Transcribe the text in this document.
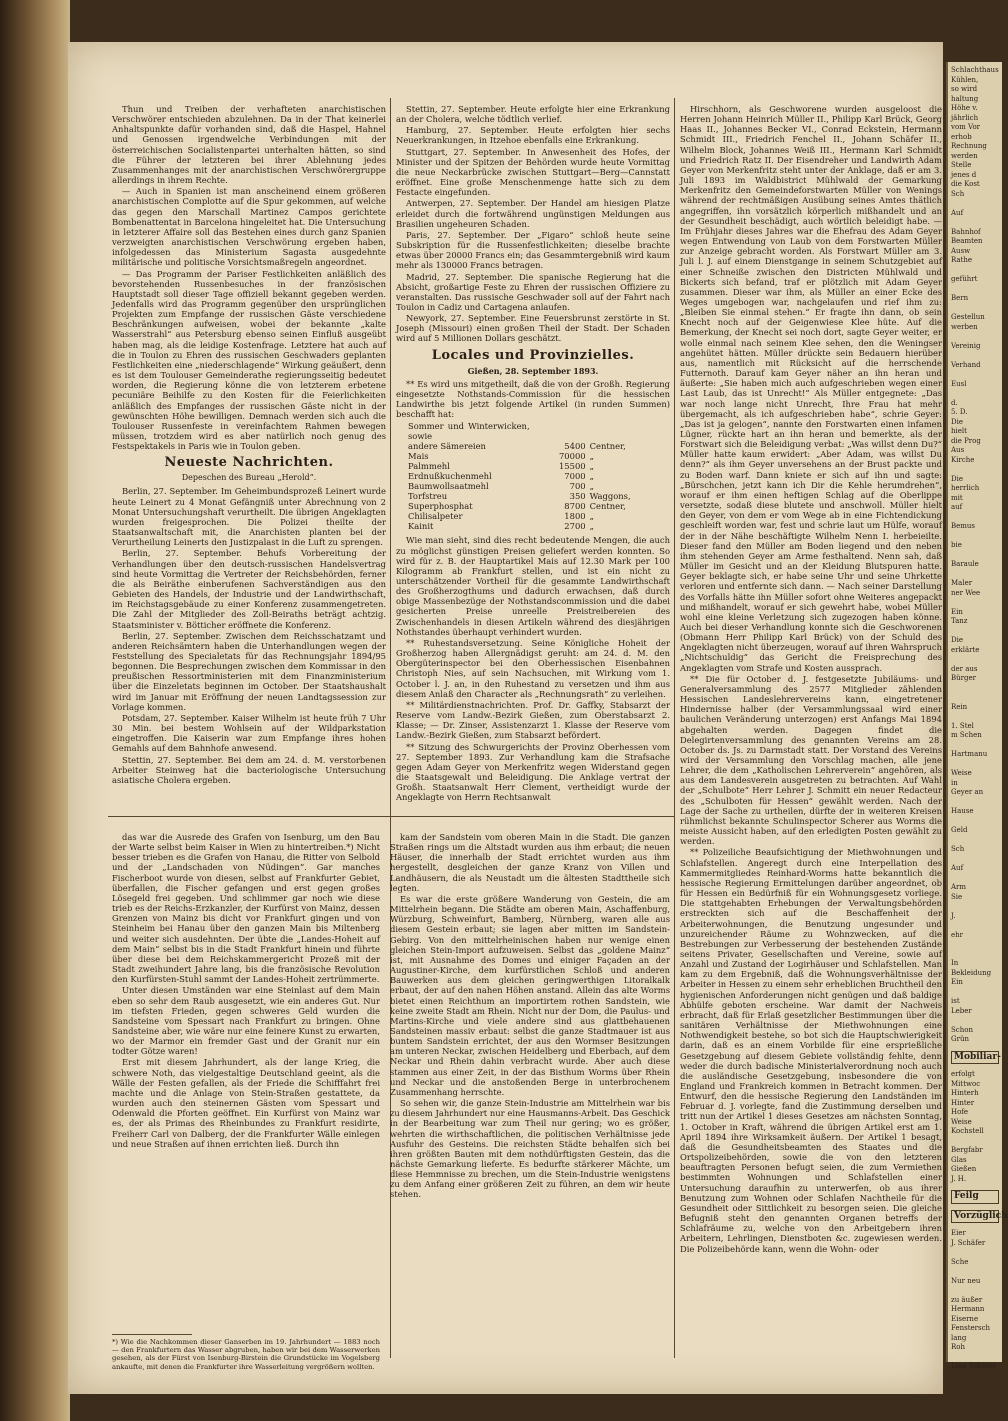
Thun und Treiben der verhafteten anarchistischen Verschwörer entschieden abzulehnen. Da in der That keinerlei Anhaltspunkte dafür vorhanden sind, daß die Haspel, Hahnel und Genossen irgendwelche Verbindungen mit der österreichischen Socialistenpartei unterhalten hätten, so sind die Führer der letzteren bei ihrer Ablehnung jedes Zusammenhanges mit der anarchistischen Verschwörergruppe allerdings in ihrem Rechte.

— Auch in Spanien ist man anscheinend einem größeren anarchistischen Complotte auf die Spur gekommen, auf welche das gegen den Marschall Martinez Campos gerichtete Bombenattentat in Barcelona hingeleitet hat. Die Untersuchung in letzterer Affaire soll das Bestehen eines durch ganz Spanien verzweigten anarchistischen Verschwörung ergeben haben, infolgedessen das Ministerium Sagasta ausgedehnte militärische und politische Vorsichtsmaßregeln angeordnet.

— Das Programm der Pariser Festlichkeiten anläßlich des bevorstehenden Russenbesuches in der französischen Hauptstadt soll dieser Tage offiziell bekannt gegeben werden. Jedenfalls wird das Programm gegenüber den ursprünglichen Projekten zum Empfange der russischen Gäste verschiedene Beschränkungen aufweisen, wobei der bekannte „kalte Wasserstrahl“ aus Petersburg ebenso seinen Einfluß ausgeübt haben mag, als die leidige Kostenfrage. Letztere hat auch auf die in Toulon zu Ehren des russischen Geschwaders geplanten Festlichkeiten eine „niederschlagende“ Wirkung geäußert, denn es ist dem Toulouser Gemeinderathe regierungsseitig bedeutet worden, die Regierung könne die von letzterem erbetene pecuniäre Beihilfe zu den Kosten für die Feierlichkeiten anläßlich des Empfanges der russischen Gäste nicht in der gewünschten Höhe bewilligen. Demnach werden sich auch die Toulouser Russenfeste in vereinfachtem Rahmen bewegen müssen, trotzdem wird es aber natürlich noch genug des Festspektakels in Paris wie in Toulon geben.

Neueste Nachrichten.
Depeschen des Bureau „Herold“.

Berlin, 27. September. Im Geheimbundsprozeß Leinert wurde heute Leinert zu 4 Monat Gefängniß unter Abrechnung von 2 Monat Untersuchungshaft verurtheilt. Die übrigen Angeklagten wurden freigesprochen. Die Polizei theilte der Staatsanwaltschaft mit, die Anarchisten planten bei der Verurtheilung Leinerts den Justizpalast in die Luft zu sprengen.

Berlin, 27. September. Behufs Vorbereitung der Verhandlungen über den deutsch-russischen Handelsvertrag sind heute Vormittag die Vertreter der Reichsbehörden, ferner die als Beiräthe einberufenen Sachverständigen aus den Gebieten des Handels, der Industrie und der Landwirthschaft, im Reichstagsgebäude zu einer Konferenz zusammengetreten. Die Zahl der Mitglieder des Zoll-Beiraths beträgt achtzig. Staatsminister v. Bötticher eröffnete die Konferenz.

Berlin, 27. September. Zwischen dem Reichsschatzamt und anderen Reichsämtern haben die Unterhandlungen wegen der Feststellung des Specialetats für das Rechnungsjahr 1894/95 begonnen. Die Besprechungen zwischen dem Kommissar in den preußischen Ressortministerien mit dem Finanzministerium über die Einzeletats beginnen im October. Der Staatshaushalt wird im Januar mit Eröffnung der neuen Landtagssession zur Vorlage kommen.

Potsdam, 27. September. Kaiser Wilhelm ist heute früh 7 Uhr 30 Min. bei bestem Wohlsein auf der Wildparkstation eingetroffen. Die Kaiserin war zum Empfange ihres hohen Gemahls auf dem Bahnhofe anwesend.

Stettin, 27. September. Bei dem am 24. d. M. verstorbenen Arbeiter Steinweg hat die bacteriologische Untersuchung asiatische Cholera ergeben.

Stettin, 27. September. Heute erfolgte hier eine Erkrankung an der Cholera, welche tödtlich verlief.

Hamburg, 27. September. Heute erfolgten hier sechs Neuerkrankungen, in Itzehoe ebenfalls eine Erkrankung.

Stuttgart, 27. September. In Anwesenheit des Hofes, der Minister und der Spitzen der Behörden wurde heute Vormittag die neue Neckarbrücke zwischen Stuttgart—Berg—Cannstatt eröffnet. Eine große Menschenmenge hatte sich zu dem Festacte eingefunden.

Antwerpen, 27. September. Der Handel am hiesigen Platze erleidet durch die fortwährend ungünstigen Meldungen aus Brasilien ungeheuren Schaden.

Paris, 27. September. Der „Figaro“ schloß heute seine Subskription für die Russenfestlichkeiten; dieselbe brachte etwas über 20000 Francs ein; das Gesammtergebniß wird kaum mehr als 130000 Francs betragen.

Madrid, 27. September. Die spanische Regierung hat die Absicht, großartige Feste zu Ehren der russischen Offiziere zu veranstalten. Das russische Geschwader soll auf der Fahrt nach Toulon in Cadiz und Cartagena anlaufen.

Newyork, 27. September. Eine Feuersbrunst zerstörte in St. Joseph (Missouri) einen großen Theil der Stadt. Der Schaden wird auf 5 Millionen Dollars geschätzt.

Locales und Provinzielles.
Gießen, 28. September 1893.

** Es wird uns mitgetheilt, daß die von der Großh. Regierung eingesetzte Nothstands-Commission für die hessischen Landwirthe bis jetzt folgende Artikel (in runden Summen) beschafft hat:

Sommer und Winterwicken, sowie		
andere Sämereien	5400	Centner,
Mais	70000	„
Palmmehl	15500	„
Erdnußkuchenmehl	7000	„
Baumwollsaatmehl	700	„
Torfstreu	350	Waggons,
Superphosphat	8700	Centner,
Chilisalpeter	1800	„
Kainit	2700	„

Wie man sieht, sind dies recht bedeutende Mengen, die auch zu möglichst günstigen Preisen geliefert werden konnten. So wird für z. B. der Hauptartikel Mais auf 12.30 Mark per 100 Kilogramm ab Frankfurt stellen, und ist ein nicht zu unterschätzender Vortheil für die gesammte Landwirthschaft des Großherzogthums und dadurch erwachsen, daß durch obige Massenbezüge der Nothstandscommission und die dabei gesicherten Preise unreelle Preistreibereien des Zwischenhandels in diesen Artikeln während des diesjährigen Nothstandes überhaupt verhindert wurden.

** Ruhestandsversetzung. Seine Königliche Hoheit der Großherzog haben Allergnädigst geruht: am 24. d. M. den Obergüterinspector bei den Oberhessischen Eisenbahnen Christoph Nies, auf sein Nachsuchen, mit Wirkung vom 1. October l. J. an, in den Ruhestand zu versetzen und ihm aus diesem Anlaß den Character als „Rechnungsrath“ zu verleihen.

** Militärdienstnachrichten. Prof. Dr. Gaffky, Stabsarzt der Reserve vom Landw.-Bezirk Gießen, zum Oberstabsarzt 2. Klasse; — Dr. Zinser, Assistenzarzt 1. Klasse der Reserve vom Landw.-Bezirk Gießen, zum Stabsarzt befördert.

** Sitzung des Schwurgerichts der Provinz Oberhessen vom 27. September 1893. Zur Verhandlung kam die Strafsache gegen Adam Geyer von Merkenfritz wegen Widerstand gegen die Staatsgewalt und Beleidigung. Die Anklage vertrat der Großh. Staatsanwalt Herr Clement, vertheidigt wurde der Angeklagte von Herrn Rechtsanwalt

Hirschhorn, als Geschworene wurden ausgeloost die Herren Johann Heinrich Müller II., Philipp Karl Brück, Georg Haas II., Johannes Becker VI., Conrad Eckstein, Hermann Schmidt III., Friedrich Fenchel II., Johann Schäfer II., Wilhelm Block, Johannes Weiß III., Hermann Karl Schmidt und Friedrich Ratz II. Der Eisendreher und Landwirth Adam Geyer von Merkenfritz steht unter der Anklage, daß er am 3. Juli 1893 im Waldbistrict Mühlwald der Gemarkung Merkenfritz den Gemeindeforstwarten Müller von Wenings während der rechtmäßigen Ausübung seines Amtes thätlich angegriffen, ihn vorsätzlich körperlich mißhandelt und an der Gesundheit beschädigt, auch wörtlich beleidigt habe. — Im Frühjahr dieses Jahres war die Ehefrau des Adam Geyer wegen Entwendung von Laub von dem Forstwarten Müller zur Anzeige gebracht worden. Als Forstwart Müller am 3. Juli l. J. auf einem Dienstgange in seinem Schutzgebiet auf einer Schneiße zwischen den Districten Mühlwald und Bickerts sich befand, traf er plötzlich mit Adam Geyer zusammen. Dieser war ihm, als Müller an einer Ecke des Weges umgebogen war, nachgelaufen und rief ihm zu: „Bleiben Sie einmal stehen.“ Er fragte ihn dann, ob sein Knecht noch auf der Geigenwiese Klee hüte. Auf die Bemerkung, der Knecht sei noch dort, sagte Geyer weiter, er wolle einmal nach seinem Klee sehen, den die Weningser angehütet hätten. Müller drückte sein Bedauern hierüber aus, namentlich mit Rücksicht auf die herrschende Futternoth. Darauf kam Geyer näher an ihn heran und äußerte: „Sie haben mich auch aufgeschrieben wegen einer Last Laub, das ist Unrecht!“ Als Müller entgegnete: „Das war noch lange nicht Unrecht, Ihre Frau hat mehr übergemacht, als ich aufgeschrieben habe“, schrie Geyer: „Das ist ja gelogen“, nannte den Forstwarten einen infamen Lügner, rückte hart an ihn heran und bemerkte, als der Forstwart sich die Beleidigung verbat: „Was willst denn Du?“ Müller hatte kaum erwidert: „Aber Adam, was willst Du denn?“ als ihm Geyer unversehens an der Brust packte und zu Boden warf. Dann kniete er sich auf ihn und sagte: „Bürschchen, jetzt kann ich Dir die Kehle herumdrehen“, worauf er ihm einen heftigen Schlag auf die Oberlippe versetzte, sodaß diese blutete und anschwoll. Müller hielt den Geyer, von dem er vom Wege ab in eine Fichtendickung geschleift worden war, fest und schrie laut um Hülfe, worauf der in der Nähe beschäftigte Wilhelm Nenn I. herbeieilte. Dieser fand den Müller am Boden liegend und den neben ihm stehenden Geyer am Arme festhaltend. Nenn sah, daß Müller im Gesicht und an der Kleidung Blutspuren hatte. Geyer beklagte sich, er habe seine Uhr und seine Uhrkette verloren und entfernte sich dann. — Nach seiner Darstellung des Vorfalls hätte ihn Müller sofort ohne Weiteres angepackt und mißhandelt, worauf er sich gewehrt habe, wobei Müller wohl eine kleine Verletzung sich zugezogen haben könne. Auch bei dieser Verhandlung konnte sich die Geschworenen (Obmann Herr Philipp Karl Brück) von der Schuld des Angeklagten nicht überzeugen, worauf auf ihren Wahrspruch „Nichtschuldig“ das Gericht die Freisprechung des Angeklagten vom Strafe und Kosten aussprach.

** Die für October d. J. festgesetzte Jubiläums- und Generalversammlung des 2577 Mitglieder zählenden Hessischen Landeslehrervereins kann, eingetretener Hindernisse halber (der Versammlungssaal wird einer baulichen Veränderung unterzogen) erst Anfangs Mai 1894 abgehalten werden. Dagegen findet die Delegirtenversammlung des genannten Vereins am 28. October ds. Js. zu Darmstadt statt. Der Vorstand des Vereins wird der Versammlung den Vorschlag machen, alle jene Lehrer, die dem „Katholischen Lehrerverein“ angehören, als aus dem Landesverein ausgetreten zu betrachten. Auf Wahl der „Schulbote“ Herr Lehrer J. Schmitt ein neuer Redacteur des „Schulboten für Hessen“ gewählt werden. Nach der Lage der Sache zu urtheilen, dürfte der in weiteren Kreisen rühmlichst bekannte Schulinspector Scherer aus Worms die meiste Aussicht haben, auf den erledigten Posten gewählt zu werden.

** Polizeiliche Beaufsichtigung der Miethwohnungen und Schlafstellen. Angeregt durch eine Interpellation des Kammermitgliedes Reinhard-Worms hatte bekanntlich die hessische Regierung Ermittelungen darüber angeordnet, ob für Hessen ein Bedürfniß für ein Wohnungsgesetz vorliege. Die stattgehabten Erhebungen der Verwaltungsbehörden erstreckten sich auf die Beschaffenheit der Arbeiterwohnungen, die Benutzung ungesunder und unzureichender Räume zu Wohnzwecken, auf die Bestrebungen zur Verbesserung der bestehenden Zustände seitens Privater, Gesellschaften und Vereine, sowie auf Anzahl und Zustand der Logirhäuser und Schlafstellen. Man kam zu dem Ergebniß, daß die Wohnungsverhältnisse der Arbeiter in Hessen zu einem sehr erheblichen Bruchtheil den hygienischen Anforderungen nicht genügen und daß baldige Abhülfe geboten erscheine. War damit der Nachweis erbracht, daß für Erlaß gesetzlicher Bestimmungen über die sanitären Verhältnisse der Miethwohnungen eine Nothwendigkeit bestehe, so bot sich die Hauptschwierigkeit darin, daß es an einem Vorbilde für eine ersprießliche Gesetzgebung auf diesem Gebiete vollständig fehlte, denn weder die durch badische Ministerialverordnung noch auch die ausländische Gesetzgebung, insbesondere die von England und Frankreich kommen in Betracht kommen. Der Entwurf, den die hessische Regierung den Landständen im Februar d. J. vorlegte, fand die Zustimmung derselben und tritt nun der Artikel 1 dieses Gesetzes am nächsten Sonntag, 1. October in Kraft, während die übrigen Artikel erst am 1. April 1894 ihre Wirksamkeit äußern. Der Artikel 1 besagt, daß die Gesundheitsbeamten des Staates und die Ortspolizeibehörden, sowie die von den letzteren beauftragten Personen befugt seien, die zum Vermiethen bestimmten Wohnungen und Schlafstellen einer Untersuchung daraufhin zu unterwerfen, ob aus ihrer Benutzung zum Wohnen oder Schlafen Nachtheile für die Gesundheit oder Sittlichkeit zu besorgen seien. Die gleiche Befugniß steht den genannten Organen betreffs der Schlafräume zu, welche von den Arbeitgebern ihren Arbeitern, Lehrlingen, Dienstboten &c. zugewiesen werden. Die Polizeibehörde kann, wenn die Wohn- oder

das war die Ausrede des Grafen von Isenburg, um den Bau der Warte selbst beim Kaiser in Wien zu hintertreiben.*) Nicht besser trieben es die Grafen von Hanau, die Ritter von Selbold und der „Landschaden von Nüdingen“. Gar manches Fischerboot wurde von diesen, selbst auf Frankfurter Gebiet, überfallen, die Fischer gefangen und erst gegen großes Lösegeld frei gegeben. Und schlimmer gar noch wie diese trieb es der Reichs-Erzkanzler, der Kurfürst von Mainz, dessen Grenzen von Mainz bis dicht vor Frankfurt gingen und von Steinheim bei Hanau über den ganzen Main bis Miltenberg und weiter sich ausdehnten. Der übte die „Landes-Hoheit auf dem Main“ selbst bis in die Stadt Frankfurt hinein und führte über diese bei dem Reichskammergericht Prozeß mit der Stadt zweihundert Jahre lang, bis die französische Revolution den Kurfürsten-Stuhl sammt der Landes-Hoheit zertrümmerte.

Unter diesen Umständen war eine Steinlast auf dem Main eben so sehr dem Raub ausgesetzt, wie ein anderes Gut. Nur im tiefsten Frieden, gegen schweres Geld wurden die Sandsteine vom Spessart nach Frankfurt zu bringen. Ohne Sandsteine aber, wie wäre nur eine feinere Kunst zu erwarten, wo der Marmor ein fremder Gast und der Granit nur ein todter Götze waren!

Erst mit diesem Jahrhundert, als der lange Krieg, die schwere Noth, das vielgestaltige Deutschland geeint, als die Wälle der Festen gefallen, als der Friede die Schifffahrt frei machte und die Anlage von Stein-Straßen gestattete, da wurden auch den steinernen Gästen vom Spessart und Odenwald die Pforten geöffnet. Ein Kurfürst von Mainz war es, der als Primas des Rheinbundes zu Frankfurt residirte, Freiherr Carl von Dalberg, der die Frankfurter Wälle einlegen und neue Straßen auf ihnen errichten ließ. Durch ihn

*) Wie die Nachkommen dieser Ganserben im 19. Jahrhundert — 1883 noch — den Frankfurtern das Wasser abgruben, haben wir bei dem Wasserwerken gesehen, als der Fürst von Isenburg-Birstein die Grundstücke im Vogelsberg ankaufte, mit denen die Frankfurter ihre Wasserleitung vergrößern wollten.

kam der Sandstein vom oberen Main in die Stadt. Die ganzen Straßen rings um die Altstadt wurden aus ihm erbaut; die neuen Häuser, die innerhalb der Stadt errichtet wurden aus ihm hergestellt, desgleichen der ganze Kranz von Villen und Landhäusern, die als Neustadt um die ältesten Stadttheile sich legten.

Es war die erste größere Wanderung von Gestein, die am Mittelrhein begann. Die Städte am oberen Main, Aschaffenburg, Würzburg, Schweinfurt, Bamberg, Nürnberg, waren alle aus diesem Gestein erbaut; sie lagen aber mitten im Sandstein-Gebirg. Von den mittelrheinischen haben nur wenige einen gleichen Stein-Import aufzuweisen. Selbst das „goldene Mainz“ ist, mit Ausnahme des Domes und einiger Façaden an der Augustiner-Kirche, dem kurfürstlichen Schloß und anderen Bauwerken aus dem gleichen geringwerthigen Litoralkalk erbaut, der auf den nahen Höhen anstand. Allein das alte Worms bietet einen Reichthum an importirtem rothen Sandstein, wie keine zweite Stadt am Rhein. Nicht nur der Dom, die Paulus- und Martins-Kirche und viele andere sind aus glattbehauenen Sandsteinen massiv erbaut: selbst die ganze Stadtmauer ist aus buntem Sandstein errichtet, der aus den Wormser Besitzungen am unteren Neckar, zwischen Heidelberg und Eberbach, auf dem Neckar und Rhein dahin verbracht wurde. Aber auch diese stammen aus einer Zeit, in der das Bisthum Worms über Rhein und Neckar und die anstoßenden Berge in unterbrochenem Zusammenhang herrschte.

So sehen wir, die ganze Stein-Industrie am Mittelrhein war bis zu diesem Jahrhundert nur eine Hausmanns-Arbeit. Das Geschick in der Bearbeitung war zum Theil nur gering; wo es größer, wehrten die wirthschaftlichen, die politischen Verhältnisse jede Ausfuhr des Gesteins. Die reichsten Städte behalfen sich bei ihren größten Bauten mit dem nothdürftigsten Gestein, das die nächste Gemarkung lieferte. Es bedurfte stärkerer Mächte, um diese Hemmnisse zu brechen, um die Stein-Industrie wenigstens zu dem Anfang einer größeren Zeit zu führen, an dem wir heute stehen.

Schlachthaus
Kühlen,
so wird
haltung
Höhe v.
jährlich
vom Vor
erhob
Rechnung
werden
Stelle
jenes d
die Kost
Sch

Auf

Bahnhof
Beamten
Ausw
Rathe

geführt

Bern

Gestellun
werben

Vereinig

Verhand

Eusl

d.
5. D.
Die
hielt
die Prog
Aus
Kirche

Die
herrlich
mit
auf

Bemus

bie

Baraule

Maler
ner Wee

Ein
Tanz

Die
erklärte

der aus
Bürger

Rein

1. Stel
m Schen

Hartmanu

Weise
in
Geyer an

Hause

Geld

Sch

Auf

Arm
Sie

J.

ehr

In
Bekleidung
Ein

ist
Leber

Schon
Grün
Mobiliar-
erfolgt
Mittwoc
Hinterh
Hinter
Hofe
Weise
Kochstell

Bergfabr
Glas
Gießen
J. H.
Feilg
Vorzüglich
Eier
J. Schäfer

Sche

Nur neu

zu äußer
Hermann
Eiserne
Fenstersch
lang
Roh

Lina Schäfer
